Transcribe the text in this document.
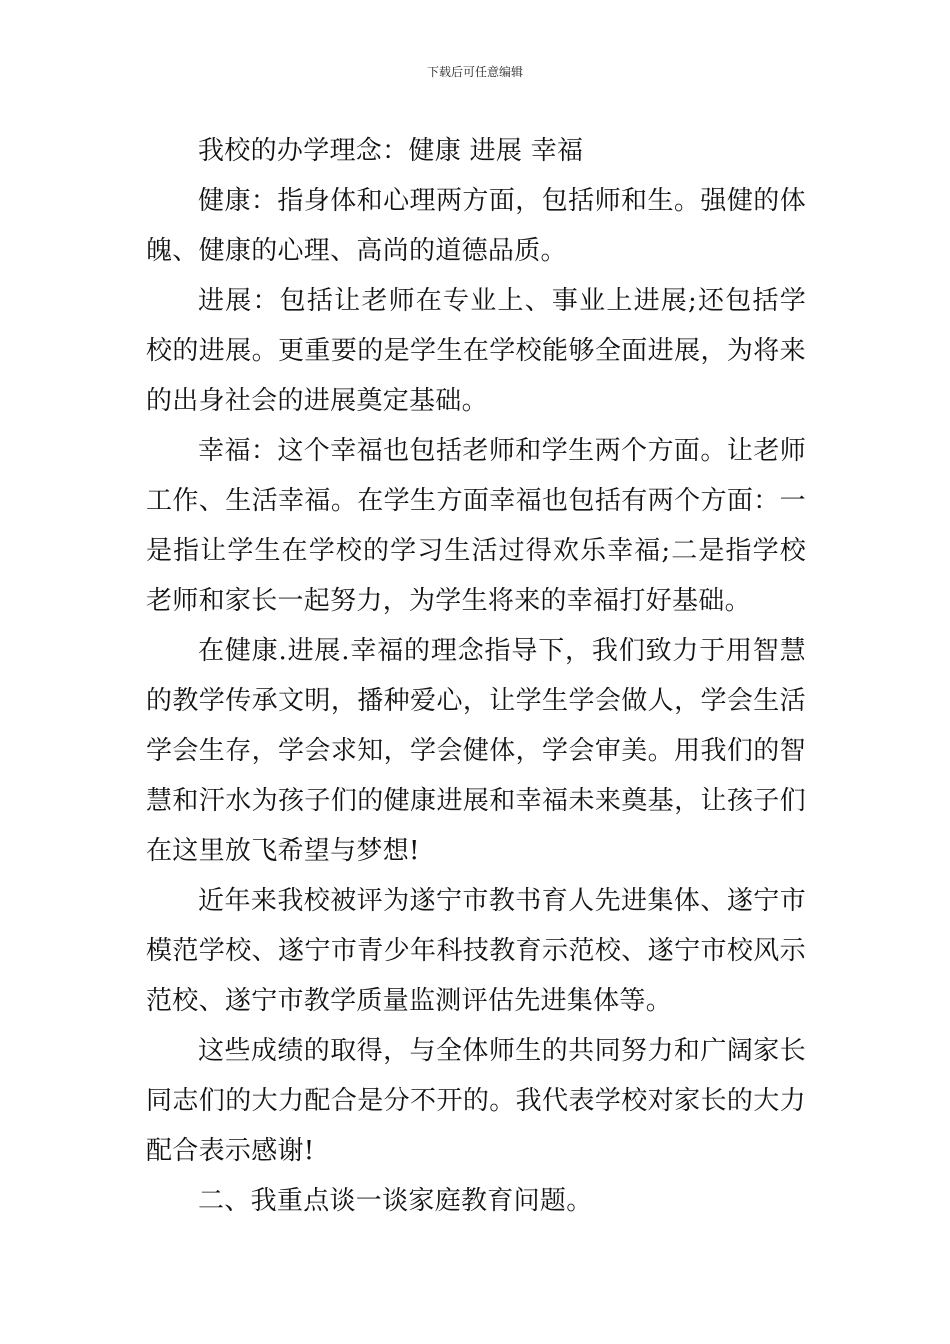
下载后可任意编辑

我校的办学理念：健康 进展 幸福

健康：指身体和心理两方面，包括师和生。强健的体魄、健康的心理、高尚的道德品质。

进展：包括让老师在专业上、事业上进展;还包括学校的进展。更重要的是学生在学校能够全面进展，为将来的出身社会的进展奠定基础。

幸福：这个幸福也包括老师和学生两个方面。让老师工作、生活幸福。在学生方面幸福也包括有两个方面：一是指让学生在学校的学习生活过得欢乐幸福;二是指学校老师和家长一起努力，为学生将来的幸福打好基础。

在健康.进展.幸福的理念指导下，我们致力于用智慧的教学传承文明，播种爱心，让学生学会做人，学会生活学会生存，学会求知，学会健体，学会审美。用我们的智慧和汗水为孩子们的健康进展和幸福未来奠基，让孩子们在这里放飞希望与梦想!

近年来我校被评为遂宁市教书育人先进集体、遂宁市模范学校、遂宁市青少年科技教育示范校、遂宁市校风示范校、遂宁市教学质量监测评估先进集体等。

这些成绩的取得，与全体师生的共同努力和广阔家长同志们的大力配合是分不开的。我代表学校对家长的大力配合表示感谢!

二、我重点谈一谈家庭教育问题。
